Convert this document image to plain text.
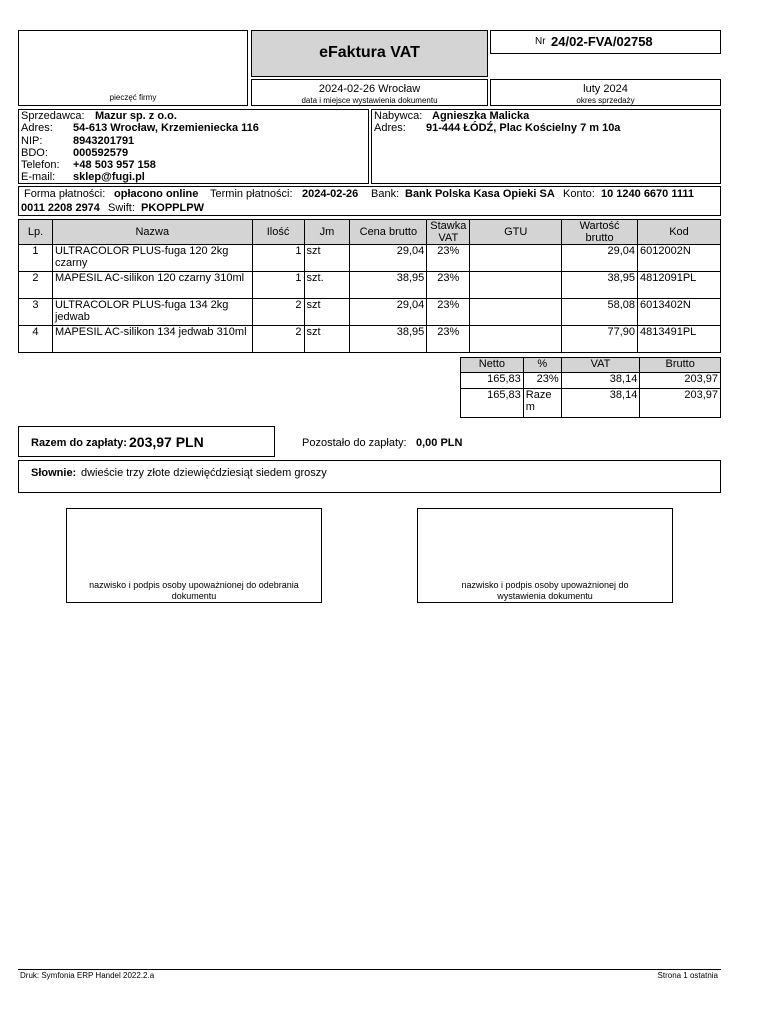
pieczęć firmy
eFaktura VAT
Nr 24/02-FVA/02758
2024-02-26 Wrocław
data i miejsce wystawienia dokumentu
luty 2024
okres sprzedaży
Sprzedawca: Mazur sp. z o.o.
Adres: 54-613 Wrocław, Krzemieniecka 116
NIP:	8943201791
BDO: 000592579
Telefon: +48 503 957 158
E-mail: sklep@fugi.pl
Nabywca: Agnieszka Malicka
Adres: 91-444 ŁÓDŹ, Plac Kościelny 7 m 10a
Forma płatności: opłacono online Termin płatności: 2024-02-26 Bank: Bank Polska Kasa Opieki SA Konto: 10 1240 6670 1111
0011 2208 2974 Swift: PKOPPLPW
Lp.	Nazwa	Ilość	Jm	Cena brutto	Stawka VAT	GTU	Wartość brutto	Kod
1	ULTRACOLOR PLUS-fuga 120 2kg czarny	1	szt	29,04	23%		29,04	6012002N
2	MAPESIL AC-silikon 120 czarny 310ml	1	szt.	38,95	23%		38,95	4812091PL
3	ULTRACOLOR PLUS-fuga 134 2kg jedwab	2	szt	29,04	23%		58,08	6013402N
4	MAPESIL AC-silikon 134 jedwab 310ml	2	szt	38,95	23%		77,90	4813491PL
Netto	%	VAT	Brutto
165,83	23%	38,14	203,97
165,83	Razem	38,14	203,97
Razem do zapłaty: 203,97 PLN	Pozostało do zapłaty: 0,00 PLN
Słownie: dwieście trzy złote dziewięćdziesiąt siedem groszy
nazwisko i podpis osoby upoważnionej do odebrania dokumentu
nazwisko i podpis osoby upoważnionej do wystawienia dokumentu
Druk: Symfonia ERP Handel 2022.2.a	Strona 1 ostatnia
